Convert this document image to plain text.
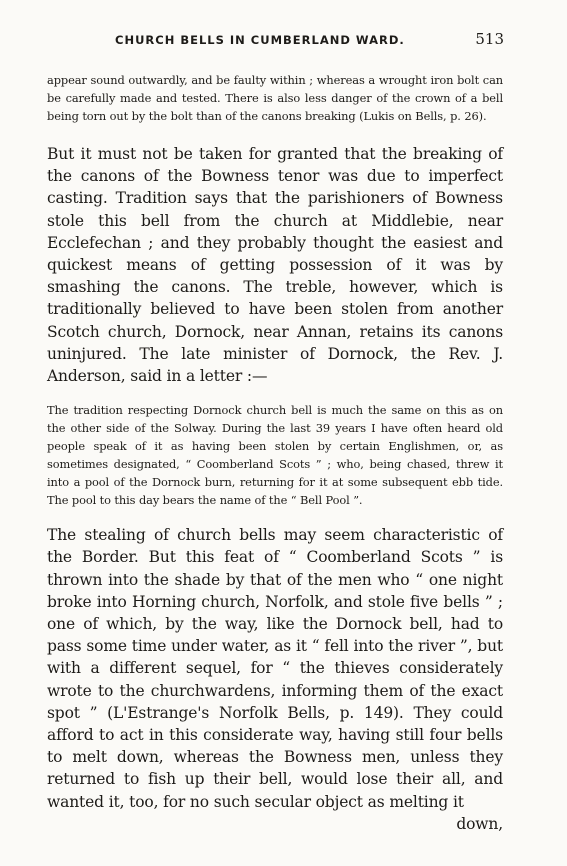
CHURCH BELLS IN CUMBERLAND WARD.	513

appear sound outwardly, and be faulty within ; whereas a wrought iron bolt can be carefully made and tested. There is also less danger of the crown of a bell being torn out by the bolt than of the canons breaking (Lukis on Bells, p. 26).

But it must not be taken for granted that the breaking of the canons of the Bowness tenor was due to imperfect casting. Tradition says that the parishioners of Bowness stole this bell from the church at Middlebie, near Ecclefechan ; and they probably thought the easiest and quickest means of getting possession of it was by smashing the canons. The treble, however, which is traditionally believed to have been stolen from another Scotch church, Dornock, near Annan, retains its canons uninjured. The late minister of Dornock, the Rev. J. Anderson, said in a letter :—

The tradition respecting Dornock church bell is much the same on this as on the other side of the Solway. During the last 39 years I have often heard old people speak of it as having been stolen by certain Englishmen, or, as sometimes designated, “ Coomberland Scots ” ; who, being chased, threw it into a pool of the Dornock burn, returning for it at some subsequent ebb tide. The pool to this day bears the name of the “ Bell Pool ”.

The stealing of church bells may seem characteristic of the Border. But this feat of “ Coomberland Scots ” is thrown into the shade by that of the men who “ one night broke into Horning church, Norfolk, and stole five bells ” ; one of which, by the way, like the Dornock bell, had to pass some time under water, as it “ fell into the river ”, but with a different sequel, for “ the thieves considerately wrote to the churchwardens, informing them of the exact spot ” (L'Estrange's Norfolk Bells, p. 149). They could afford to act in this considerate way, having still four bells to melt down, whereas the Bowness men, unless they returned to fish up their bell, would lose their all, and wanted it, too, for no such secular object as melting it

down,
